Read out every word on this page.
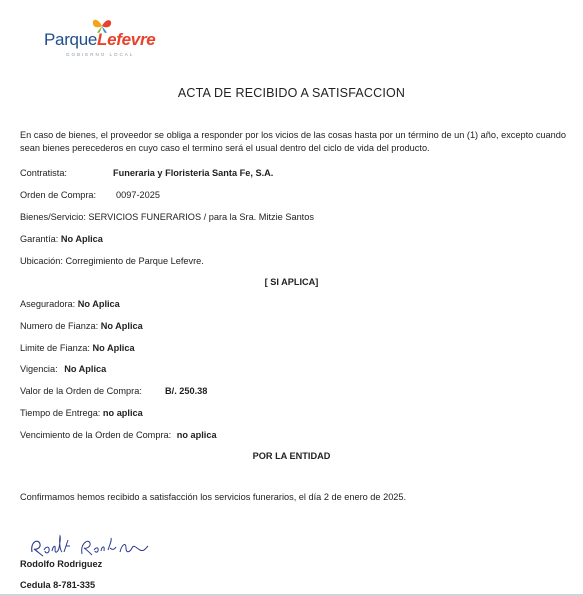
ParqueLefevre
GOBIERNO LOCAL
ACTA DE RECIBIDO A SATISFACCION
En caso de bienes, el proveedor se obliga a responder por los vicios de las cosas hasta por un término de un (1) año, excepto cuando sean bienes perecederos en cuyo caso el termino será el usual dentro del ciclo de vida del producto.
Contratista:	Funeraria y Floristeria Santa Fe, S.A.
Orden de Compra: 0097-2025
Bienes/Servicio: SERVICIOS FUNERARIOS / para la Sra. Mitzie Santos
Garantía: No Aplica
Ubicación: Corregimiento de Parque Lefevre.
[ SI APLICA]
Aseguradora: No Aplica
Numero de Fianza: No Aplica
Limite de Fianza: No Aplica
Vigencia: No Aplica
Valor de la Orden de Compra:	B/. 250.38
Tiempo de Entrega: no aplica
Vencimiento de la Orden de Compra: no aplica
POR LA ENTIDAD
Confirmamos hemos recibido a satisfacción los servicios funerarios, el día 2 de enero de 2025.
Rodolfo Rodriguez
Cedula 8-781-335
